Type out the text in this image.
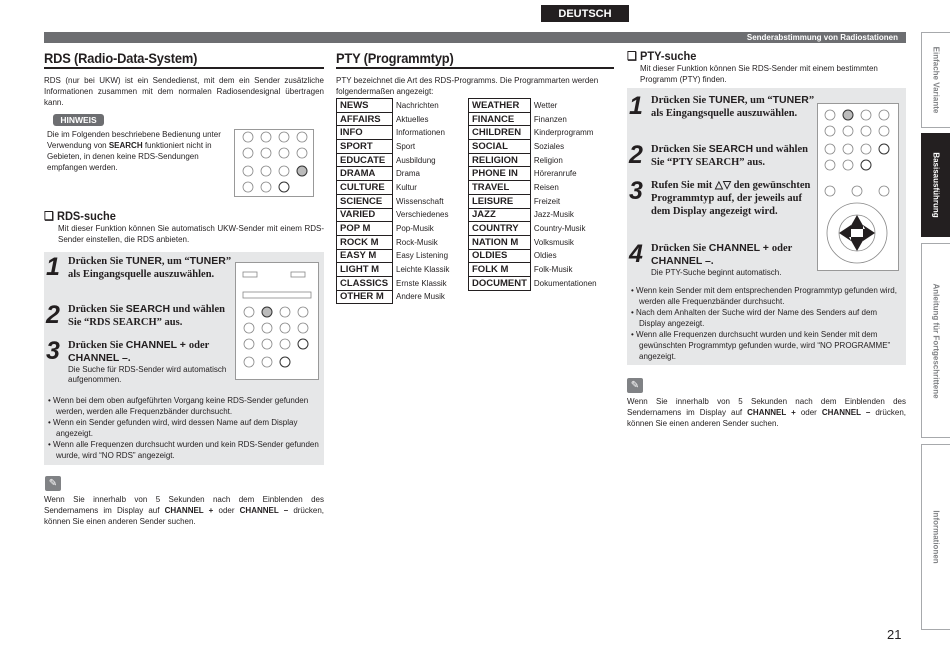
DEUTSCH
Senderabstimmung von Radiostationen
RDS (Radio-Data-System)
RDS (nur bei UKW) ist ein Sendedienst, mit dem ein Sender zusätzliche Informationen zusammen mit dem normalen Radiosendesignal übertragen kann.
HINWEIS
Die im Folgenden beschriebene Bedienung unter Verwendung von SEARCH funktioniert nicht in Gebieten, in denen keine RDS-Sendungen empfangen werden.
❏ RDS-suche
Mit dieser Funktion können Sie automatisch UKW-Sender mit einem RDS-Sender einstellen, die RDS anbieten.
1 Drücken Sie TUNER, um “TUNER” als Eingangsquelle auszuwählen.
2 Drücken Sie SEARCH und wählen Sie “RDS SEARCH” aus.
3 Drücken Sie CHANNEL + oder CHANNEL –.
Die Suche für RDS-Sender wird automatisch aufgenommen.
• Wenn bei dem oben aufgeführten Vorgang keine RDS-Sender gefunden werden, werden alle Frequenzbänder durchsucht.
• Wenn ein Sender gefunden wird, wird dessen Name auf dem Display angezeigt.
• Wenn alle Frequenzen durchsucht wurden und kein RDS-Sender gefunden wurde, wird “NO RDS” angezeigt.
✎
Wenn Sie innerhalb von 5 Sekunden nach dem Einblenden des Sendernamens im Display auf CHANNEL + oder CHANNEL – drücken, können Sie einen anderen Sender suchen.
PTY (Programmtyp)
PTY bezeichnet die Art des RDS-Programms. Die Programmarten werden folgendermaßen angezeigt:
NEWS	Nachrichten	WEATHER	Wetter
AFFAIRS	Aktuelles	FINANCE	Finanzen
INFO	Informationen	CHILDREN	Kinderprogramm
SPORT	Sport	SOCIAL	Soziales
EDUCATE	Ausbildung	RELIGION	Religion
DRAMA	Drama	PHONE IN	Höreranrufe
CULTURE	Kultur	TRAVEL	Reisen
SCIENCE	Wissenschaft	LEISURE	Freizeit
VARIED	Verschiedenes	JAZZ	Jazz-Musik
POP M	Pop-Musik	COUNTRY	Country-Musik
ROCK M	Rock-Musik	NATION M	Volksmusik
EASY M	Easy Listening	OLDIES	Oldies
LIGHT M	Leichte Klassik	FOLK M	Folk-Musik
CLASSICS	Ernste Klassik	DOCUMENT	Dokumentationen
OTHER M	Andere Musik		
❏ PTY-suche
Mit dieser Funktion können Sie RDS-Sender mit einem bestimmten Programm (PTY) finden.
1 Drücken Sie TUNER, um “TUNER” als Eingangsquelle auszuwählen.
2 Drücken Sie SEARCH und wählen Sie “PTY SEARCH” aus.
3 Rufen Sie mit △▽ den gewünschten Programmtyp auf, der jeweils auf dem Display angezeigt wird.
4 Drücken Sie CHANNEL + oder CHANNEL –.
Die PTY-Suche beginnt automatisch.
• Wenn kein Sender mit dem entsprechenden Programmtyp gefunden wird, werden alle Frequenzbänder durchsucht.
• Nach dem Anhalten der Suche wird der Name des Senders auf dem Display angezeigt.
• Wenn alle Frequenzen durchsucht wurden und kein Sender mit dem gewünschten Programmtyp gefunden wurde, wird “NO PROGRAMME” angezeigt.
✎
Wenn Sie innerhalb von 5 Sekunden nach dem Einblenden des Sendernamens im Display auf CHANNEL + oder CHANNEL – drücken, können Sie einen anderen Sender suchen.
Einfache Variante
Basisausführung
Anleitung für Fortgeschrittene
Informationen
21
